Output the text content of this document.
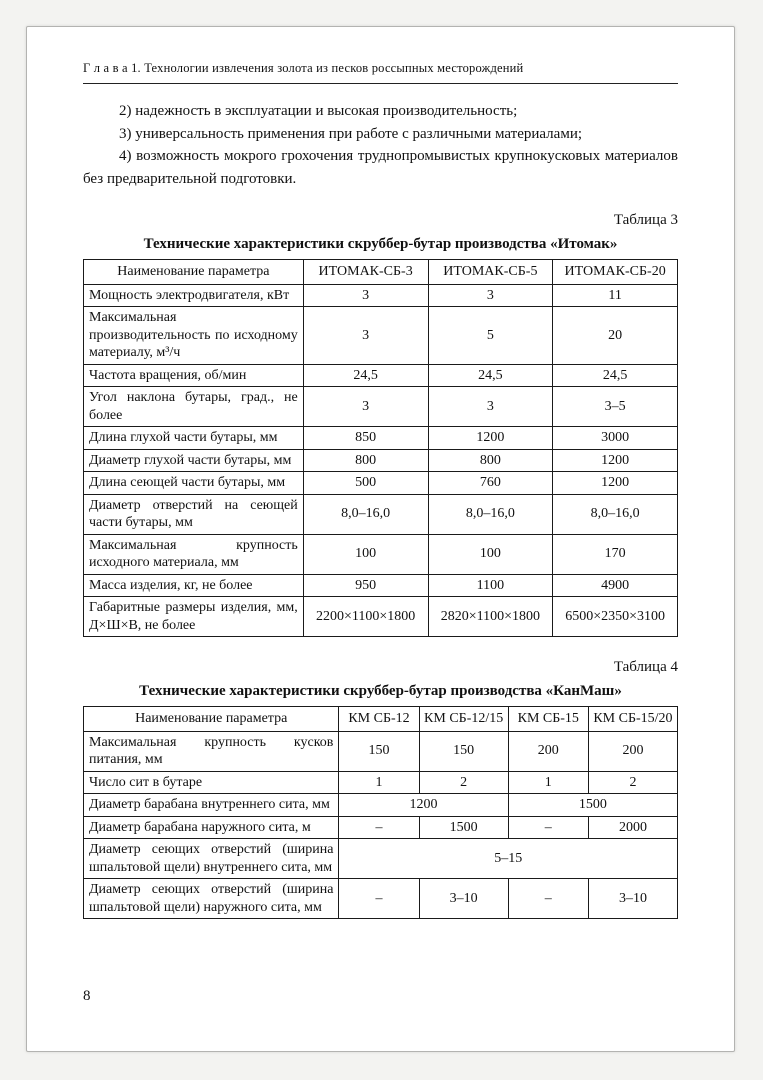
Г л а в а 1. Технологии извлечения золота из песков россыпных месторождений

2) надежность в эксплуатации и высокая производительность;

3) универсальность применения при работе с различными материалами;

4) возможность мокрого грохочения труднопромывистых крупнокусковых материалов без предварительной подготовки.

Таблица 3
Технические характеристики скруббер-бутар производства «Итомак»
Наименование параметра	ИТОМАК-СБ-3	ИТОМАК-СБ-5	ИТОМАК-СБ-20
Мощность электродвигателя, кВт	3	3	11
Максимальная производительность по исходному материалу, м³/ч	3	5	20
Частота вращения, об/мин	24,5	24,5	24,5
Угол наклона бутары, град., не более	3	3	3–5
Длина глухой части бутары, мм	850	1200	3000
Диаметр глухой части бутары, мм	800	800	1200
Длина сеющей части бутары, мм	500	760	1200
Диаметр отверстий на сеющей части бутары, мм	8,0–16,0	8,0–16,0	8,0–16,0
Максимальная крупность исходного материала, мм	100	100	170
Масса изделия, кг, не более	950	1100	4900
Габаритные размеры изделия, мм, Д×Ш×В, не более	2200×1100×1800	2820×1100×1800	6500×2350×3100
Таблица 4
Технические характеристики скруббер-бутар производства «КанМаш»
Наименование параметра	КМ СБ-12	КМ СБ-12/15	КМ СБ-15	КМ СБ-15/20
Максимальная крупность кусков питания, мм	150	150	200	200
Число сит в бутаре	1	2	1	2
Диаметр барабана внутреннего сита, мм	1200		1500	
Диаметр барабана наружного сита, м	–	1500	–	2000
Диаметр сеющих отверстий (ширина шпальтовой щели) внутреннего сита, мм	5–15			
Диаметр сеющих отверстий (ширина шпальтовой щели) наружного сита, мм	–	3–10	–	3–10
8
